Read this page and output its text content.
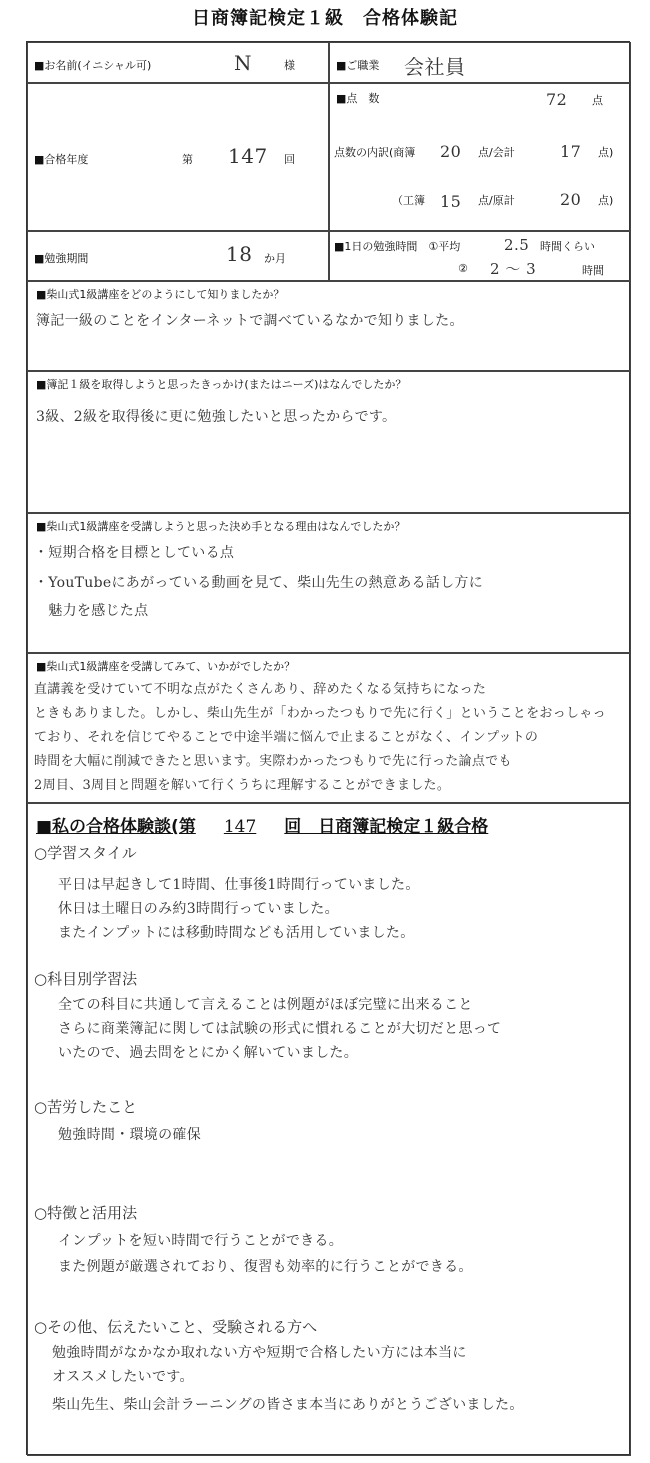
日商簿記検定１級　合格体験記
■お名前(イニシャル可)	N	様	■ご職業 会社員
■合格年度	第 147 回
■点　数	72 点
点数の内訳(商簿 20 点/会計	17 点)
（工簿 15 点/原計	20 点)
■勉強期間	18 か月
■1日の勉強時間　①平均	2.5 時間くらい
② 2 ～ 3	時間
■柴山式1級講座をどのようにして知りましたか？
簿記一級のことをインターネットで調べているなかで知りました。
■簿記１級を取得しようと思ったきっかけ(またはニーズ)はなんでしたか？
3級、2級を取得後に更に勉強したいと思ったからです。
■柴山式1級講座を受講しようと思った決め手となる理由はなんでしたか？
・短期合格を目標としている点
・YouTubeにあがっている動画を見て、柴山先生の熱意ある話し方に
　魅力を感じた点
■柴山式1級講座を受講してみて、いかがでしたか？
直講義を受けていて不明な点がたくさんあり、辞めたくなる気持ちになった
ときもありました。しかし、柴山先生が「わかったつもりで先に行く」ということをおっしゃっ
ており、それを信じてやることで中途半端に悩んで止まることがなく、インプットの
時間を大幅に削減できたと思います。実際わかったつもりで先に行った論点でも
2周目、3周目と問題を解いて行くうちに理解することができました。
■私の合格体験談(第 147 回　日商簿記検定１級合格
○学習スタイル
平日は早起きして1時間、仕事後1時間行っていました。
休日は土曜日のみ約3時間行っていました。
またインプットには移動時間なども活用していました。
○科目別学習法
全ての科目に共通して言えることは例題がほぼ完璧に出来ること
さらに商業簿記に関しては試験の形式に慣れることが大切だと思って
いたので、過去問をとにかく解いていました。
○苦労したこと
勉強時間・環境の確保
○特徴と活用法
インプットを短い時間で行うことができる。
また例題が厳選されており、復習も効率的に行うことができる。
○その他、伝えたいこと、受験される方へ
勉強時間がなかなか取れない方や短期で合格したい方には本当に
オススメしたいです。
柴山先生、柴山会計ラーニングの皆さま本当にありがとうございました。
